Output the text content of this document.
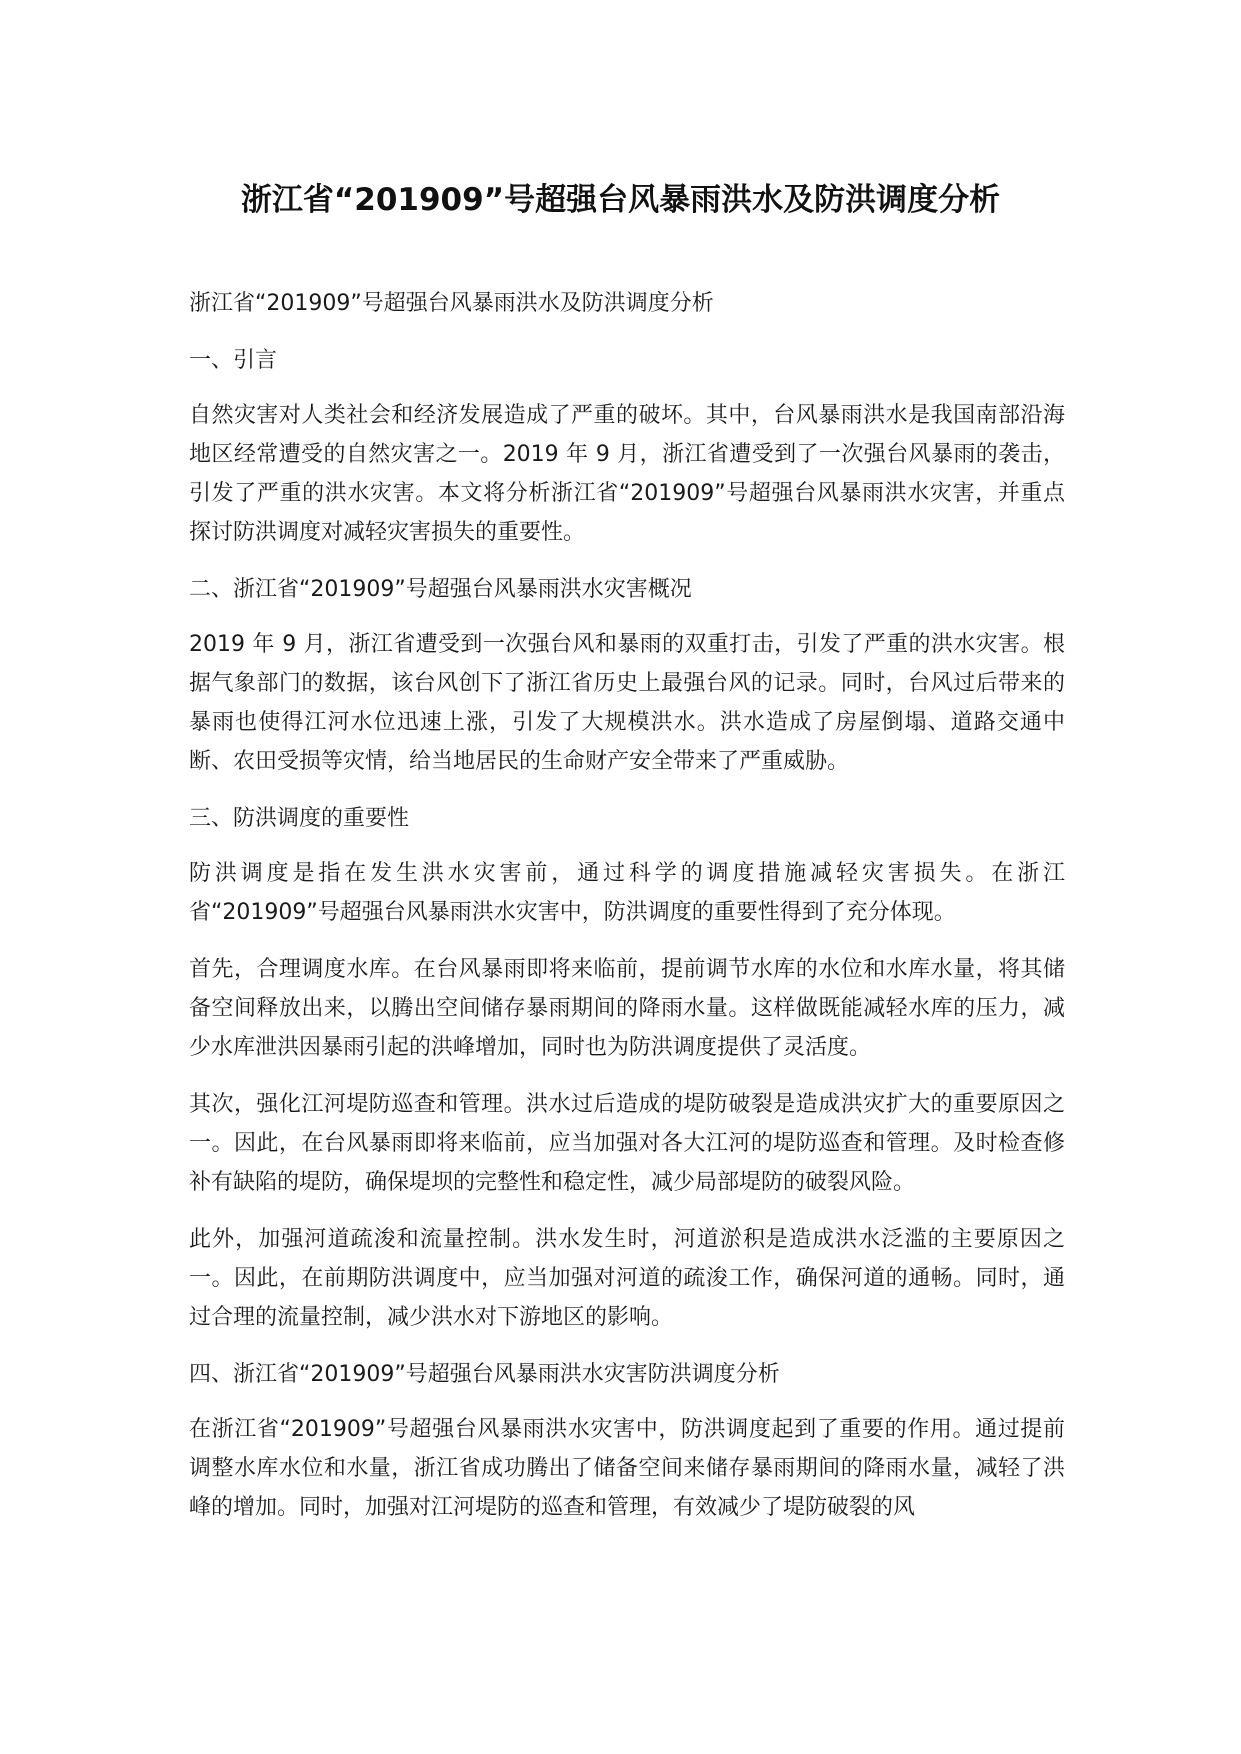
浙江省“201909”号超强台风暴雨洪水及防洪调度分析

浙江省“201909”号超强台风暴雨洪水及防洪调度分析

一、引言

自然灾害对人类社会和经济发展造成了严重的破坏。其中，台风暴雨洪水是我国南部沿海地区经常遭受的自然灾害之一。2019 年 9 月，浙江省遭受到了一次强台风暴雨的袭击，引发了严重的洪水灾害。本文将分析浙江省“201909”号超强台风暴雨洪水灾害，并重点探讨防洪调度对减轻灾害损失的重要性。

二、浙江省“201909”号超强台风暴雨洪水灾害概况

2019 年 9 月，浙江省遭受到一次强台风和暴雨的双重打击，引发了严重的洪水灾害。根据气象部门的数据，该台风创下了浙江省历史上最强台风的记录。同时，台风过后带来的暴雨也使得江河水位迅速上涨，引发了大规模洪水。洪水造成了房屋倒塌、道路交通中断、农田受损等灾情，给当地居民的生命财产安全带来了严重威胁。

三、防洪调度的重要性

防洪调度是指在发生洪水灾害前，通过科学的调度措施减轻灾害损失。在浙江省“201909”号超强台风暴雨洪水灾害中，防洪调度的重要性得到了充分体现。

首先，合理调度水库。在台风暴雨即将来临前，提前调节水库的水位和水库水量，将其储备空间释放出来，以腾出空间储存暴雨期间的降雨水量。这样做既能减轻水库的压力，减少水库泄洪因暴雨引起的洪峰增加，同时也为防洪调度提供了灵活度。

其次，强化江河堤防巡查和管理。洪水过后造成的堤防破裂是造成洪灾扩大的重要原因之一。因此，在台风暴雨即将来临前，应当加强对各大江河的堤防巡查和管理。及时检查修补有缺陷的堤防，确保堤坝的完整性和稳定性，减少局部堤防的破裂风险。

此外，加强河道疏浚和流量控制。洪水发生时，河道淤积是造成洪水泛滥的主要原因之一。因此，在前期防洪调度中，应当加强对河道的疏浚工作，确保河道的通畅。同时，通过合理的流量控制，减少洪水对下游地区的影响。

四、浙江省“201909”号超强台风暴雨洪水灾害防洪调度分析

在浙江省“201909”号超强台风暴雨洪水灾害中，防洪调度起到了重要的作用。通过提前调整水库水位和水量，浙江省成功腾出了储备空间来储存暴雨期间的降雨水量，减轻了洪峰的增加。同时，加强对江河堤防的巡查和管理，有效减少了堤防破裂的风
